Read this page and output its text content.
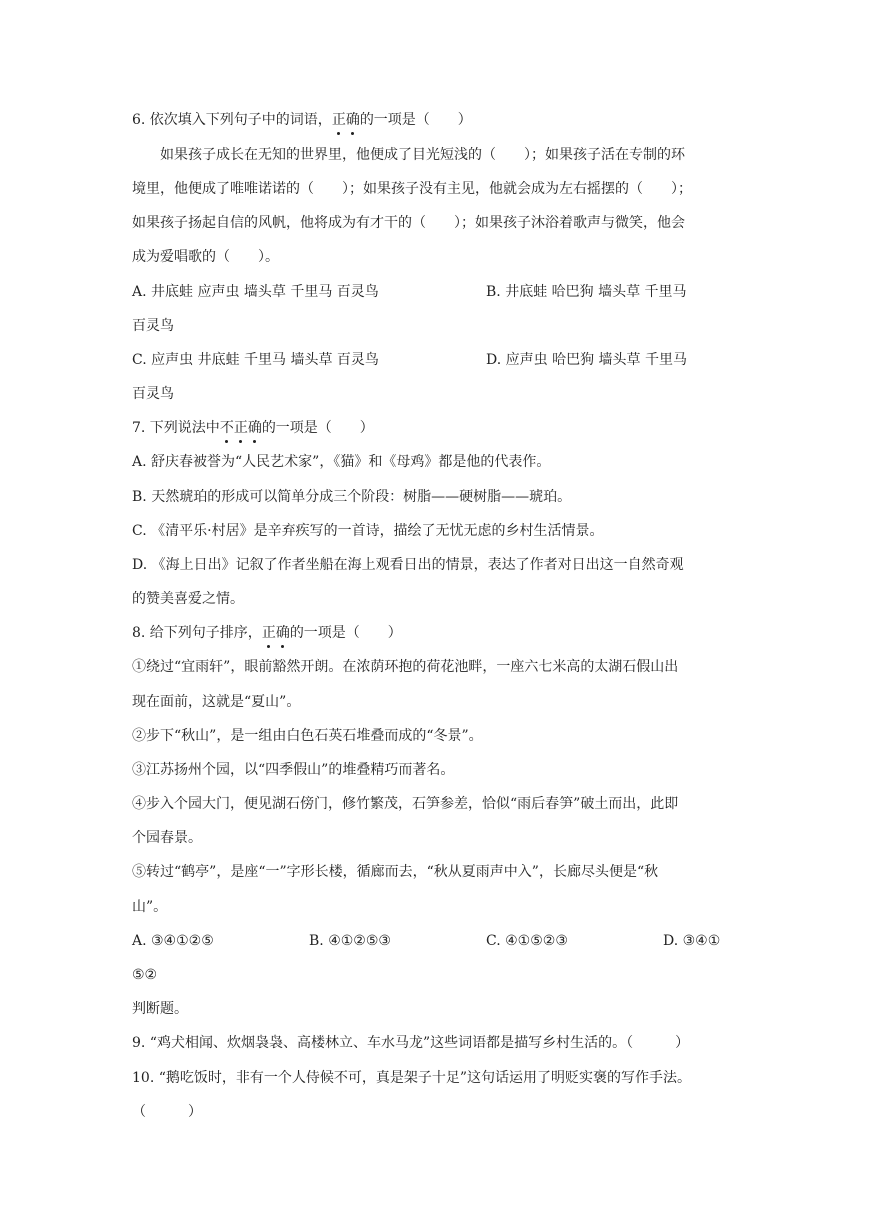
6. 依次填入下列句子中的词语，正确的一项是（　　）
　　如果孩子成长在无知的世界里，他便成了目光短浅的（　　）；如果孩子活在专制的环
境里，他便成了唯唯诺诺的（　　）；如果孩子没有主见，他就会成为左右摇摆的（　　）；
如果孩子扬起自信的风帆，他将成为有才干的（　　）；如果孩子沐浴着歌声与微笑，他会
成为爱唱歌的（　　）。
A. 井底蛙 应声虫 墙头草 千里马 百灵鸟	B. 井底蛙 哈巴狗 墙头草 千里马
百灵鸟
C. 应声虫 井底蛙 千里马 墙头草 百灵鸟	D. 应声虫 哈巴狗 墙头草 千里马
百灵鸟
7. 下列说法中不正确的一项是（　　）
A. 舒庆春被誉为“人民艺术家”，《猫》和《母鸡》都是他的代表作。
B. 天然琥珀的形成可以简单分成三个阶段：树脂——硬树脂——琥珀。
C. 《清平乐·村居》是辛弃疾写的一首诗，描绘了无忧无虑的乡村生活情景。
D. 《海上日出》记叙了作者坐船在海上观看日出的情景，表达了作者对日出这一自然奇观
的赞美喜爱之情。
8. 给下列句子排序，正确的一项是（　　）
①绕过“宜雨轩”，眼前豁然开朗。在浓荫环抱的荷花池畔，一座六七米高的太湖石假山出
现在面前，这就是“夏山”。
②步下“秋山”，是一组由白色石英石堆叠而成的“冬景”。
③江苏扬州个园，以“四季假山”的堆叠精巧而著名。
④步入个园大门，便见湖石傍门，修竹繁茂，石笋参差，恰似“雨后春笋”破土而出，此即
个园春景。
⑤转过“鹤亭”，是座“一”字形长楼，循廊而去，“秋从夏雨声中入”，长廊尽头便是“秋
山”。
A. ③④①②⑤	B. ④①②⑤③	C. ④①⑤②③	D. ③④①
⑤②
判断题。
9. “鸡犬相闻、炊烟袅袅、高楼林立、车水马龙”这些词语都是描写乡村生活的。（　　　）
10. “鹅吃饭时，非有一个人侍候不可，真是架子十足”这句话运用了明贬实褒的写作手法。
（　　　）
